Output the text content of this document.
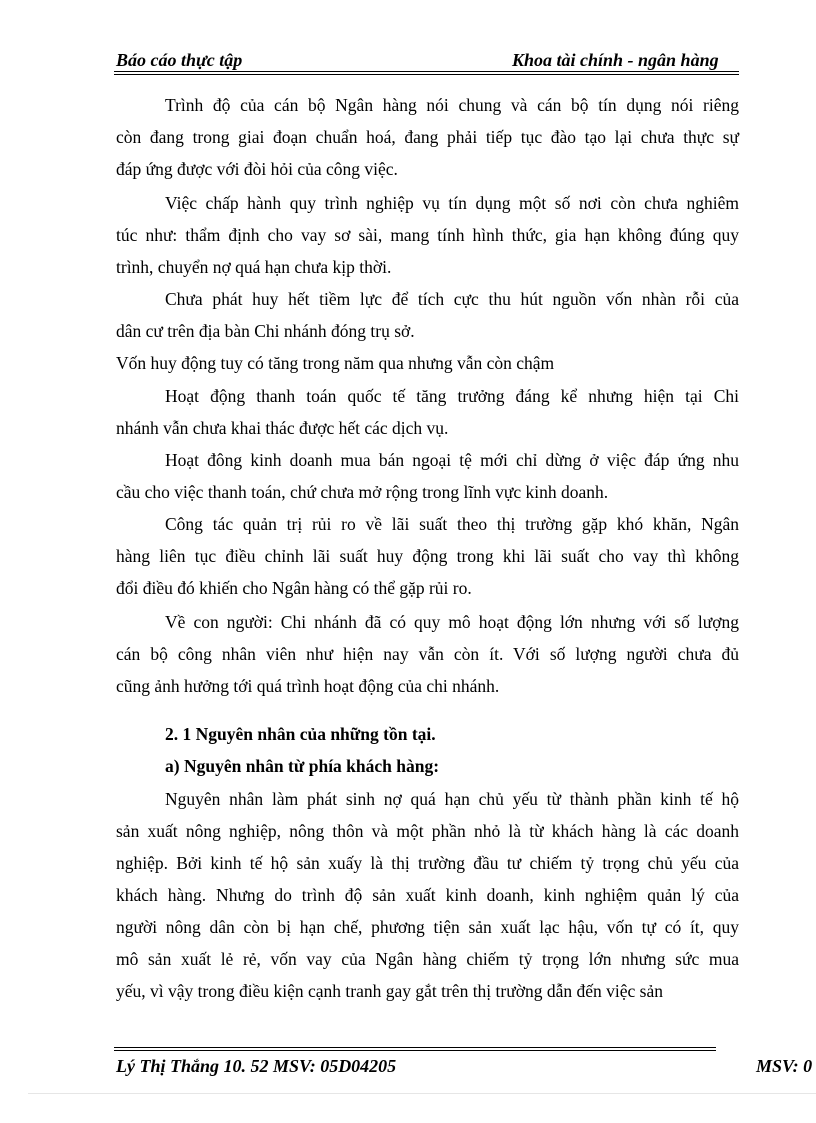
Báo cáo thực tập	Khoa tài chính - ngân hàng
Trình độ của cán bộ Ngân hàng nói chung và cán bộ tín dụng nói riêng
còn đang trong giai đoạn chuẩn hoá, đang phải tiếp tục đào tạo lại chưa thực sự
đáp ứng được với đòi hỏi của công việc.
Việc chấp hành quy trình nghiệp vụ tín dụng một số nơi còn chưa nghiêm
túc như: thẩm định cho vay sơ sài, mang tính hình thức, gia hạn không đúng quy
trình, chuyển nợ quá hạn chưa kịp thời.
Chưa phát huy hết tiềm lực để tích cực thu hút nguồn vốn nhàn rỗi của
dân cư trên địa bàn Chi nhánh đóng trụ sở.
Vốn huy động tuy có tăng trong năm qua nhưng vẫn còn chậm
Hoạt động thanh toán quốc tế tăng trưởng đáng kể nhưng hiện tại Chi
nhánh vẫn chưa khai thác được hết các dịch vụ.
Hoạt đông kinh doanh mua bán ngoại tệ mới chỉ dừng ở việc đáp ứng nhu
cầu cho việc thanh toán, chứ chưa mở rộng trong lĩnh vực kinh doanh.
Công tác quản trị rủi ro về lãi suất theo thị trường gặp khó khăn, Ngân
hàng liên tục điều chỉnh lãi suất huy động trong khi lãi suất cho vay thì không
đổi điều đó khiến cho Ngân hàng có thể gặp rủi ro.
Về con người: Chi nhánh đã có quy mô hoạt động lớn nhưng với số lượng
cán bộ công nhân viên như hiện nay vẫn còn ít. Với số lượng người chưa đủ
cũng ảnh hưởng tới quá trình hoạt động của chi nhánh.
2. 1 Nguyên nhân của những tồn tại.
a) Nguyên nhân từ phía khách hàng:
Nguyên nhân làm phát sinh nợ quá hạn chủ yếu từ thành phần kinh tế hộ
sản xuất nông nghiệp, nông thôn và một phần nhỏ là từ khách hàng là các doanh
nghiệp. Bởi kinh tế hộ sản xuấy là thị trường đầu tư chiếm tỷ trọng chủ yếu của
khách hàng. Nhưng do trình độ sản xuất kinh doanh, kinh nghiệm quản lý của
người nông dân còn bị hạn chế, phương tiện sản xuất lạc hậu, vốn tự có ít, quy
mô sản xuất lẻ rẻ, vốn vay của Ngân hàng chiếm tỷ trọng lớn nhưng sức mua
yếu, vì vậy trong điều kiện cạnh tranh gay gắt trên thị trường dẫn đến việc sản
Lý Thị Thắng 10. 52 MSV: 05D04205	MSV: 0
